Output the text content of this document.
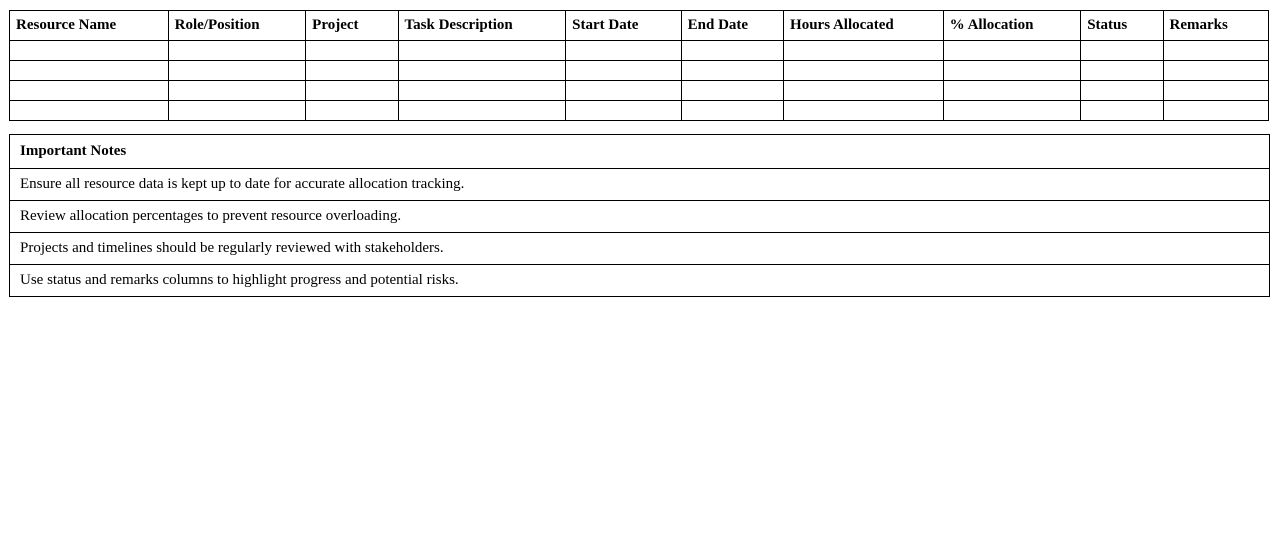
Resource Name	Role/Position	Project	Task Description	Start Date	End Date	Hours Allocated	% Allocation	Status	Remarks

Important Notes
Ensure all resource data is kept up to date for accurate allocation tracking.
Review allocation percentages to prevent resource overloading.
Projects and timelines should be regularly reviewed with stakeholders.
Use status and remarks columns to highlight progress and potential risks.
